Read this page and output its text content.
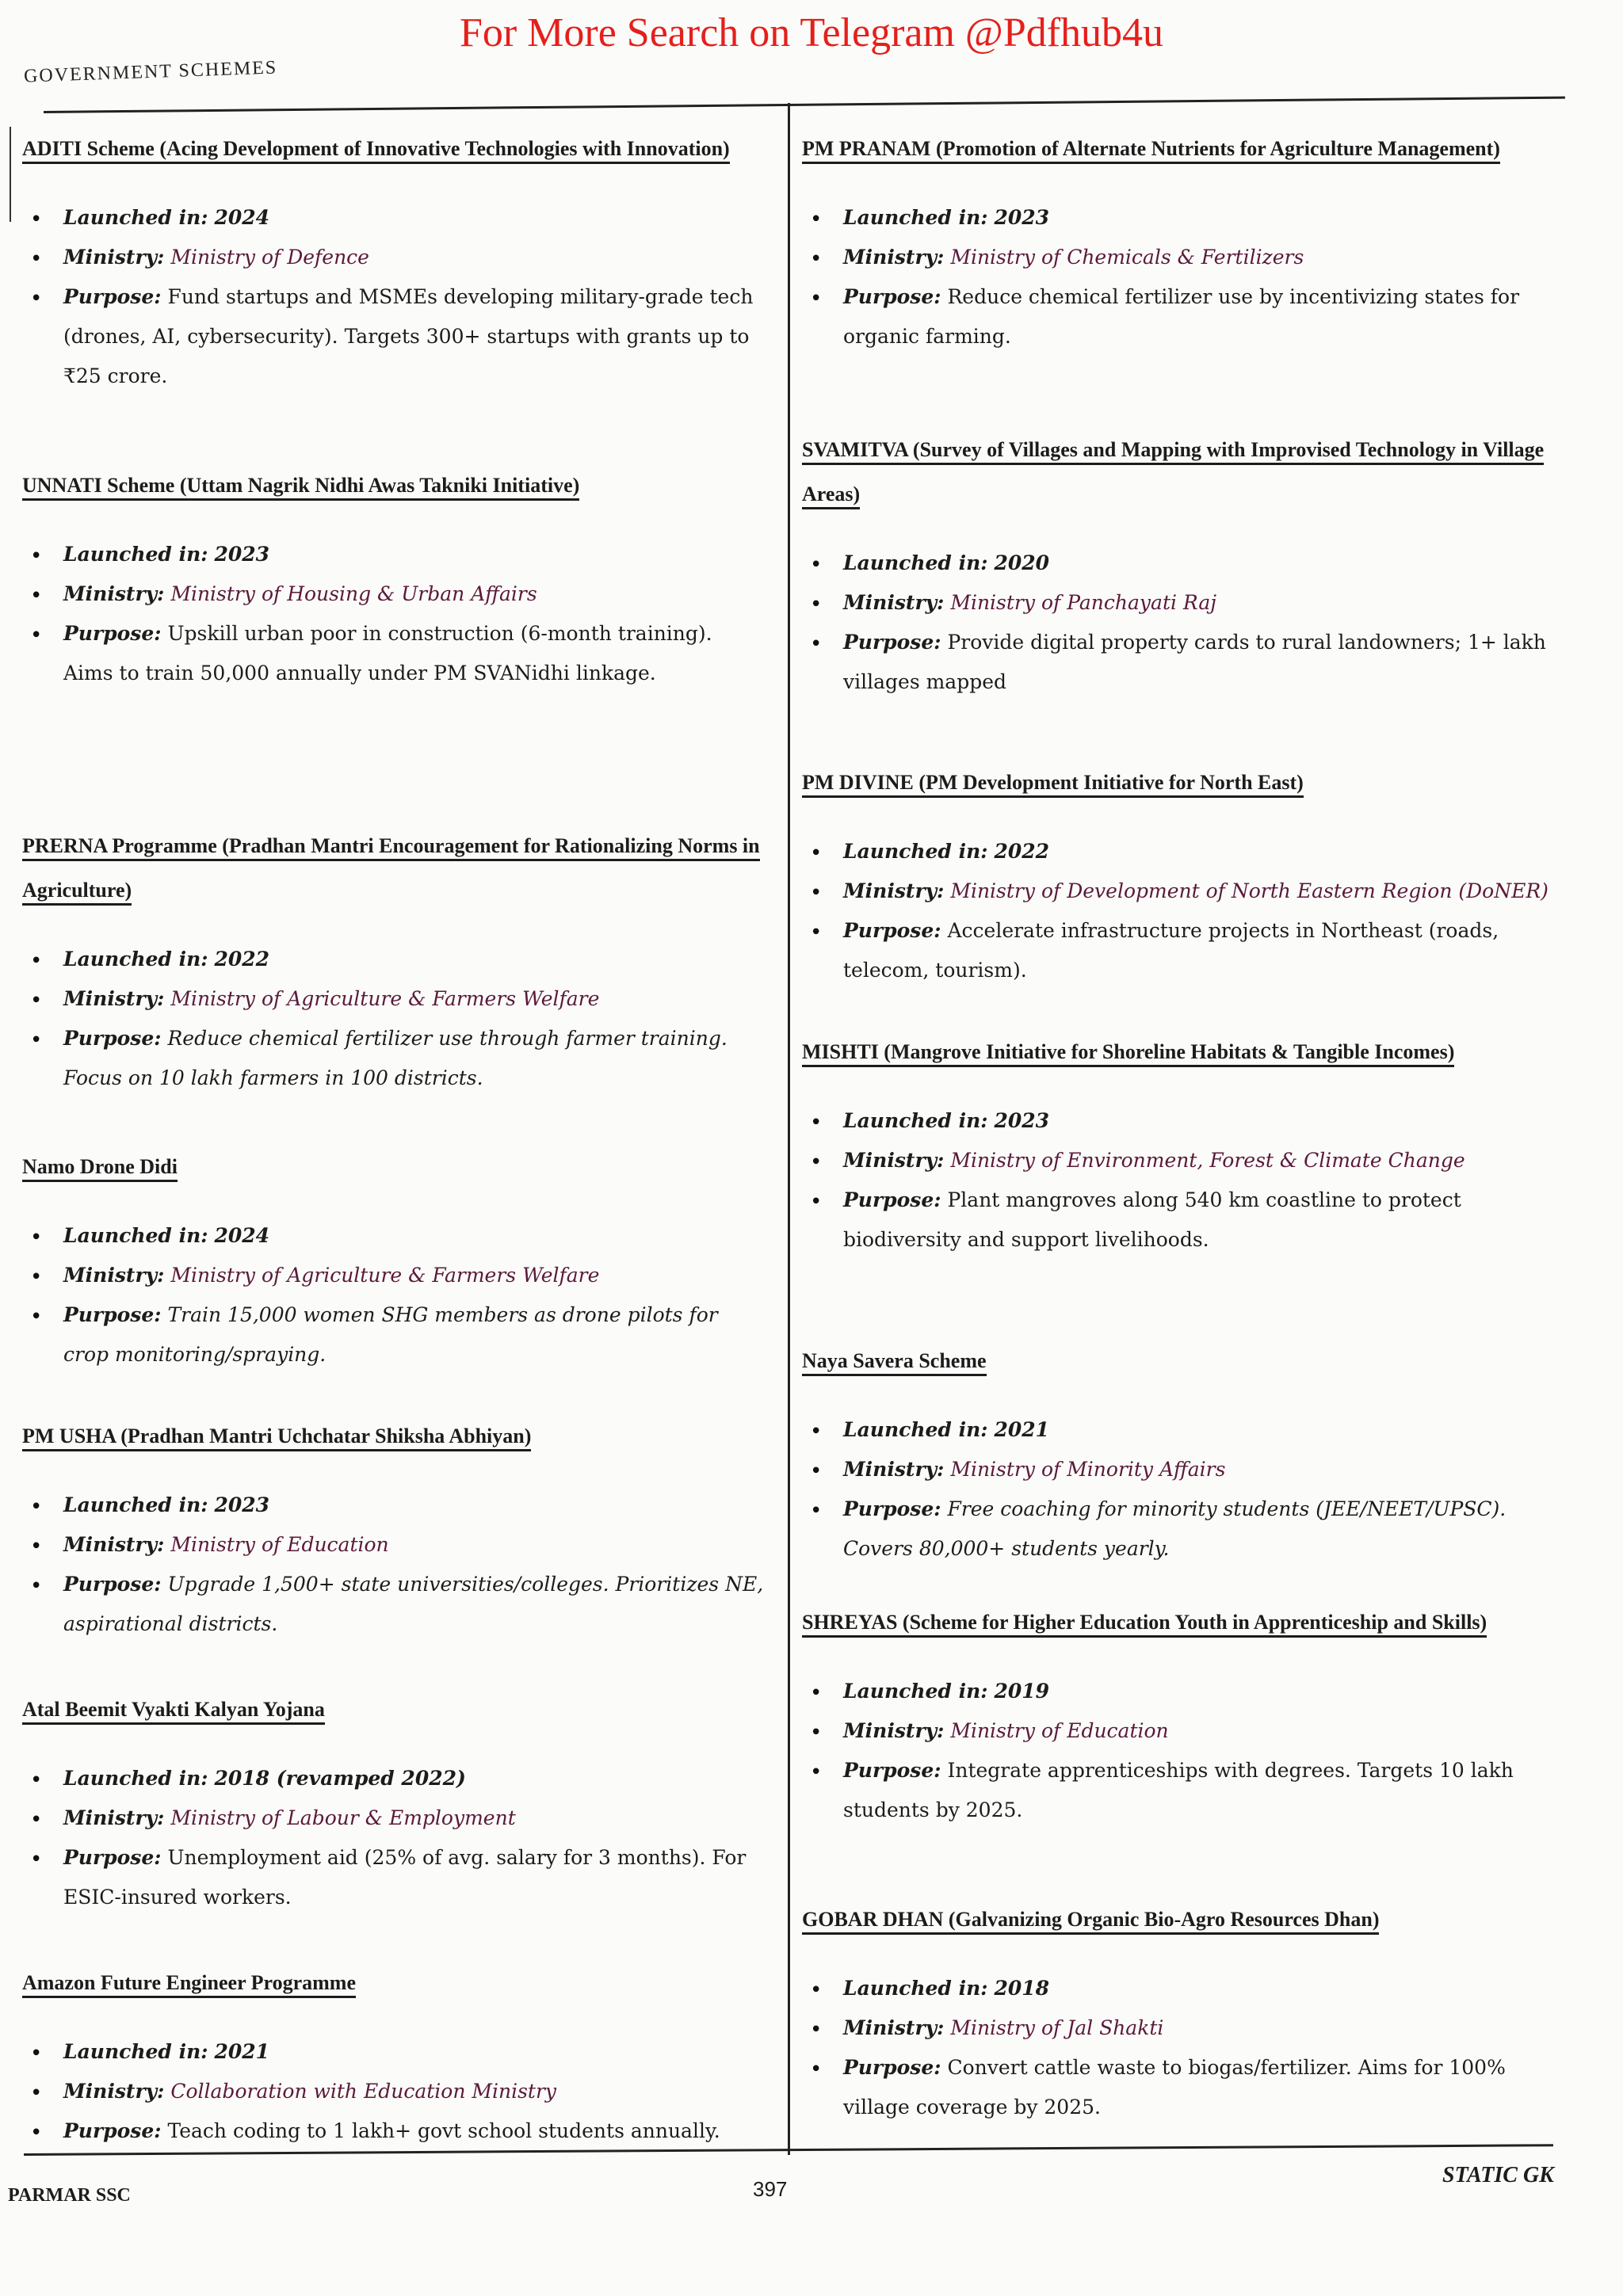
For More Search on Telegram @Pdfhub4u
GOVERNMENT SCHEMES
ADITI Scheme (Acing Development of Innovative Technologies with Innovation)
• Launched in: 2024
• Ministry: Ministry of Defence
• Purpose: Fund startups and MSMEs developing military-grade tech (drones, AI, cybersecurity). Targets 300+ startups with grants up to ₹25 crore.
UNNATI Scheme (Uttam Nagrik Nidhi Awas Takniki Initiative)
• Launched in: 2023
• Ministry: Ministry of Housing & Urban Affairs
• Purpose: Upskill urban poor in construction (6-month training). Aims to train 50,000 annually under PM SVANidhi linkage.
PRERNA Programme (Pradhan Mantri Encouragement for Rationalizing Norms in Agriculture)
• Launched in: 2022
• Ministry: Ministry of Agriculture & Farmers Welfare
• Purpose: Reduce chemical fertilizer use through farmer training. Focus on 10 lakh farmers in 100 districts.
Namo Drone Didi
• Launched in: 2024
• Ministry: Ministry of Agriculture & Farmers Welfare
• Purpose: Train 15,000 women SHG members as drone pilots for crop monitoring/spraying.
PM USHA (Pradhan Mantri Uchchatar Shiksha Abhiyan)
• Launched in: 2023
• Ministry: Ministry of Education
• Purpose: Upgrade 1,500+ state universities/colleges. Prioritizes NE, aspirational districts.
Atal Beemit Vyakti Kalyan Yojana
• Launched in: 2018 (revamped 2022)
• Ministry: Ministry of Labour & Employment
• Purpose: Unemployment aid (25% of avg. salary for 3 months). For ESIC-insured workers.
Amazon Future Engineer Programme
• Launched in: 2021
• Ministry: Collaboration with Education Ministry
• Purpose: Teach coding to 1 lakh+ govt school students annually.
PM PRANAM (Promotion of Alternate Nutrients for Agriculture Management)
• Launched in: 2023
• Ministry: Ministry of Chemicals & Fertilizers
• Purpose: Reduce chemical fertilizer use by incentivizing states for organic farming.
SVAMITVA (Survey of Villages and Mapping with Improvised Technology in Village Areas)
• Launched in: 2020
• Ministry: Ministry of Panchayati Raj
• Purpose: Provide digital property cards to rural landowners; 1+ lakh villages mapped
PM DIVINE (PM Development Initiative for North East)
• Launched in: 2022
• Ministry: Ministry of Development of North Eastern Region (DoNER)
• Purpose: Accelerate infrastructure projects in Northeast (roads, telecom, tourism).
MISHTI (Mangrove Initiative for Shoreline Habitats & Tangible Incomes)
• Launched in: 2023
• Ministry: Ministry of Environment, Forest & Climate Change
• Purpose: Plant mangroves along 540 km coastline to protect biodiversity and support livelihoods.
Naya Savera Scheme
• Launched in: 2021
• Ministry: Ministry of Minority Affairs
• Purpose: Free coaching for minority students (JEE/NEET/UPSC). Covers 80,000+ students yearly.
SHREYAS (Scheme for Higher Education Youth in Apprenticeship and Skills)
• Launched in: 2019
• Ministry: Ministry of Education
• Purpose: Integrate apprenticeships with degrees. Targets 10 lakh students by 2025.
GOBAR DHAN (Galvanizing Organic Bio-Agro Resources Dhan)
• Launched in: 2018
• Ministry: Ministry of Jal Shakti
• Purpose: Convert cattle waste to biogas/fertilizer. Aims for 100% village coverage by 2025.
PARMAR SSC	397
STATIC GK
